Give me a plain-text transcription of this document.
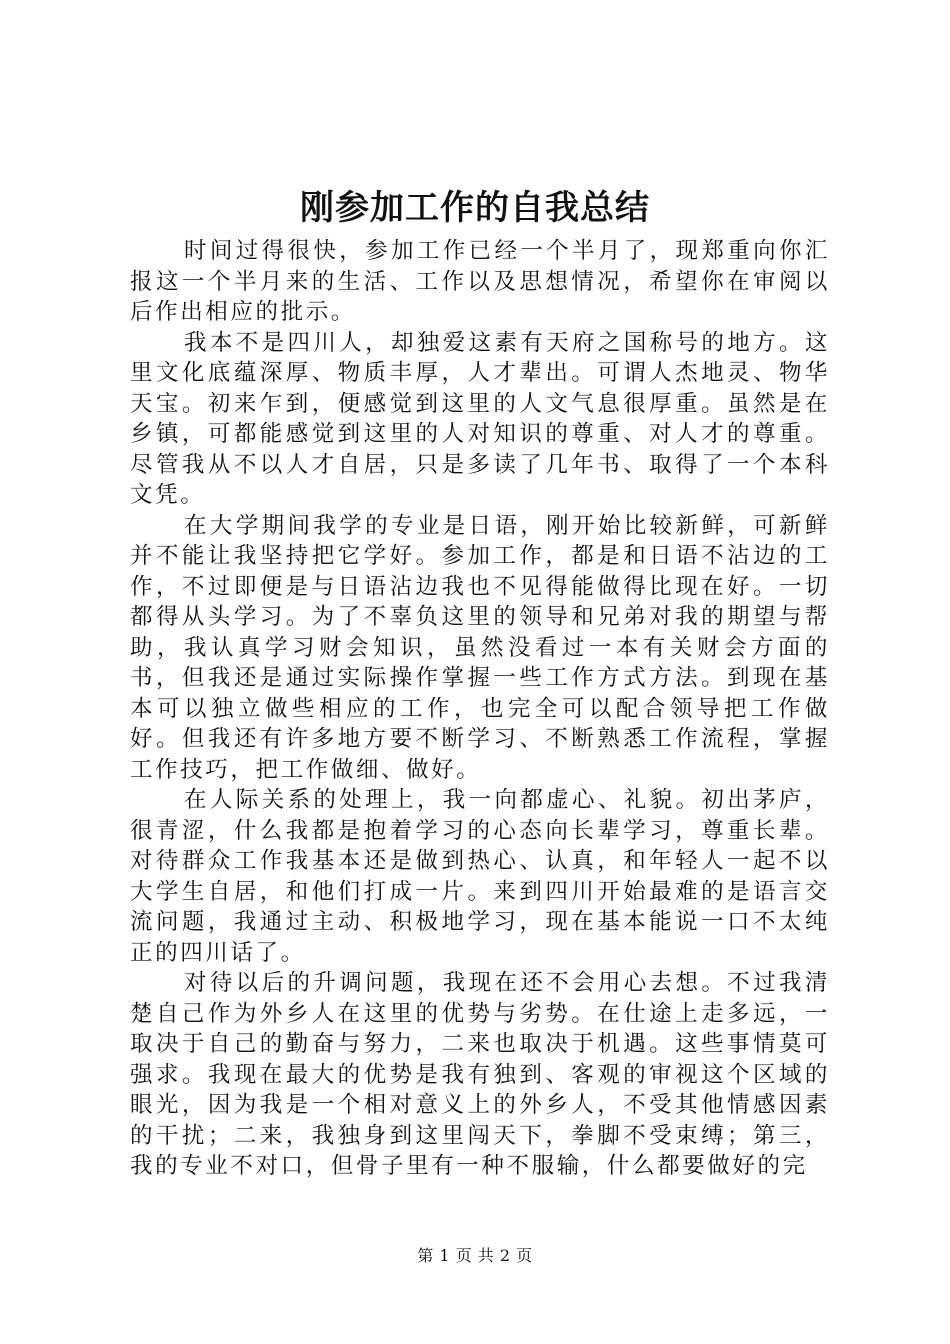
刚参加工作的自我总结

时间过得很快，参加工作已经一个半月了，现郑重向你汇报这一个半月来的生活、工作以及思想情况，希望你在审阅以后作出相应的批示。

我本不是四川人，却独爱这素有天府之国称号的地方。这里文化底蕴深厚、物质丰厚，人才辈出。可谓人杰地灵、物华天宝。初来乍到，便感觉到这里的人文气息很厚重。虽然是在乡镇，可都能感觉到这里的人对知识的尊重、对人才的尊重。尽管我从不以人才自居，只是多读了几年书、取得了一个本科文凭。

在大学期间我学的专业是日语，刚开始比较新鲜，可新鲜并不能让我坚持把它学好。参加工作，都是和日语不沾边的工作，不过即便是与日语沾边我也不见得能做得比现在好。一切都得从头学习。为了不辜负这里的领导和兄弟对我的期望与帮助，我认真学习财会知识，虽然没看过一本有关财会方面的书，但我还是通过实际操作掌握一些工作方式方法。到现在基本可以独立做些相应的工作，也完全可以配合领导把工作做好。但我还有许多地方要不断学习、不断熟悉工作流程，掌握工作技巧，把工作做细、做好。

在人际关系的处理上，我一向都虚心、礼貌。初出茅庐，很青涩，什么我都是抱着学习的心态向长辈学习，尊重长辈。对待群众工作我基本还是做到热心、认真，和年轻人一起不以大学生自居，和他们打成一片。来到四川开始最难的是语言交流问题，我通过主动、积极地学习，现在基本能说一口不太纯正的四川话了。

对待以后的升调问题，我现在还不会用心去想。不过我清楚自己作为外乡人在这里的优势与劣势。在仕途上走多远，一取决于自己的勤奋与努力，二来也取决于机遇。这些事情莫可强求。我现在最大的优势是我有独到、客观的审视这个区域的眼光，因为我是一个相对意义上的外乡人，不受其他情感因素的干扰；二来，我独身到这里闯天下，拳脚不受束缚；第三，我的专业不对口，但骨子里有一种不服输，什么都要做好的完

第 1 页 共 2 页
